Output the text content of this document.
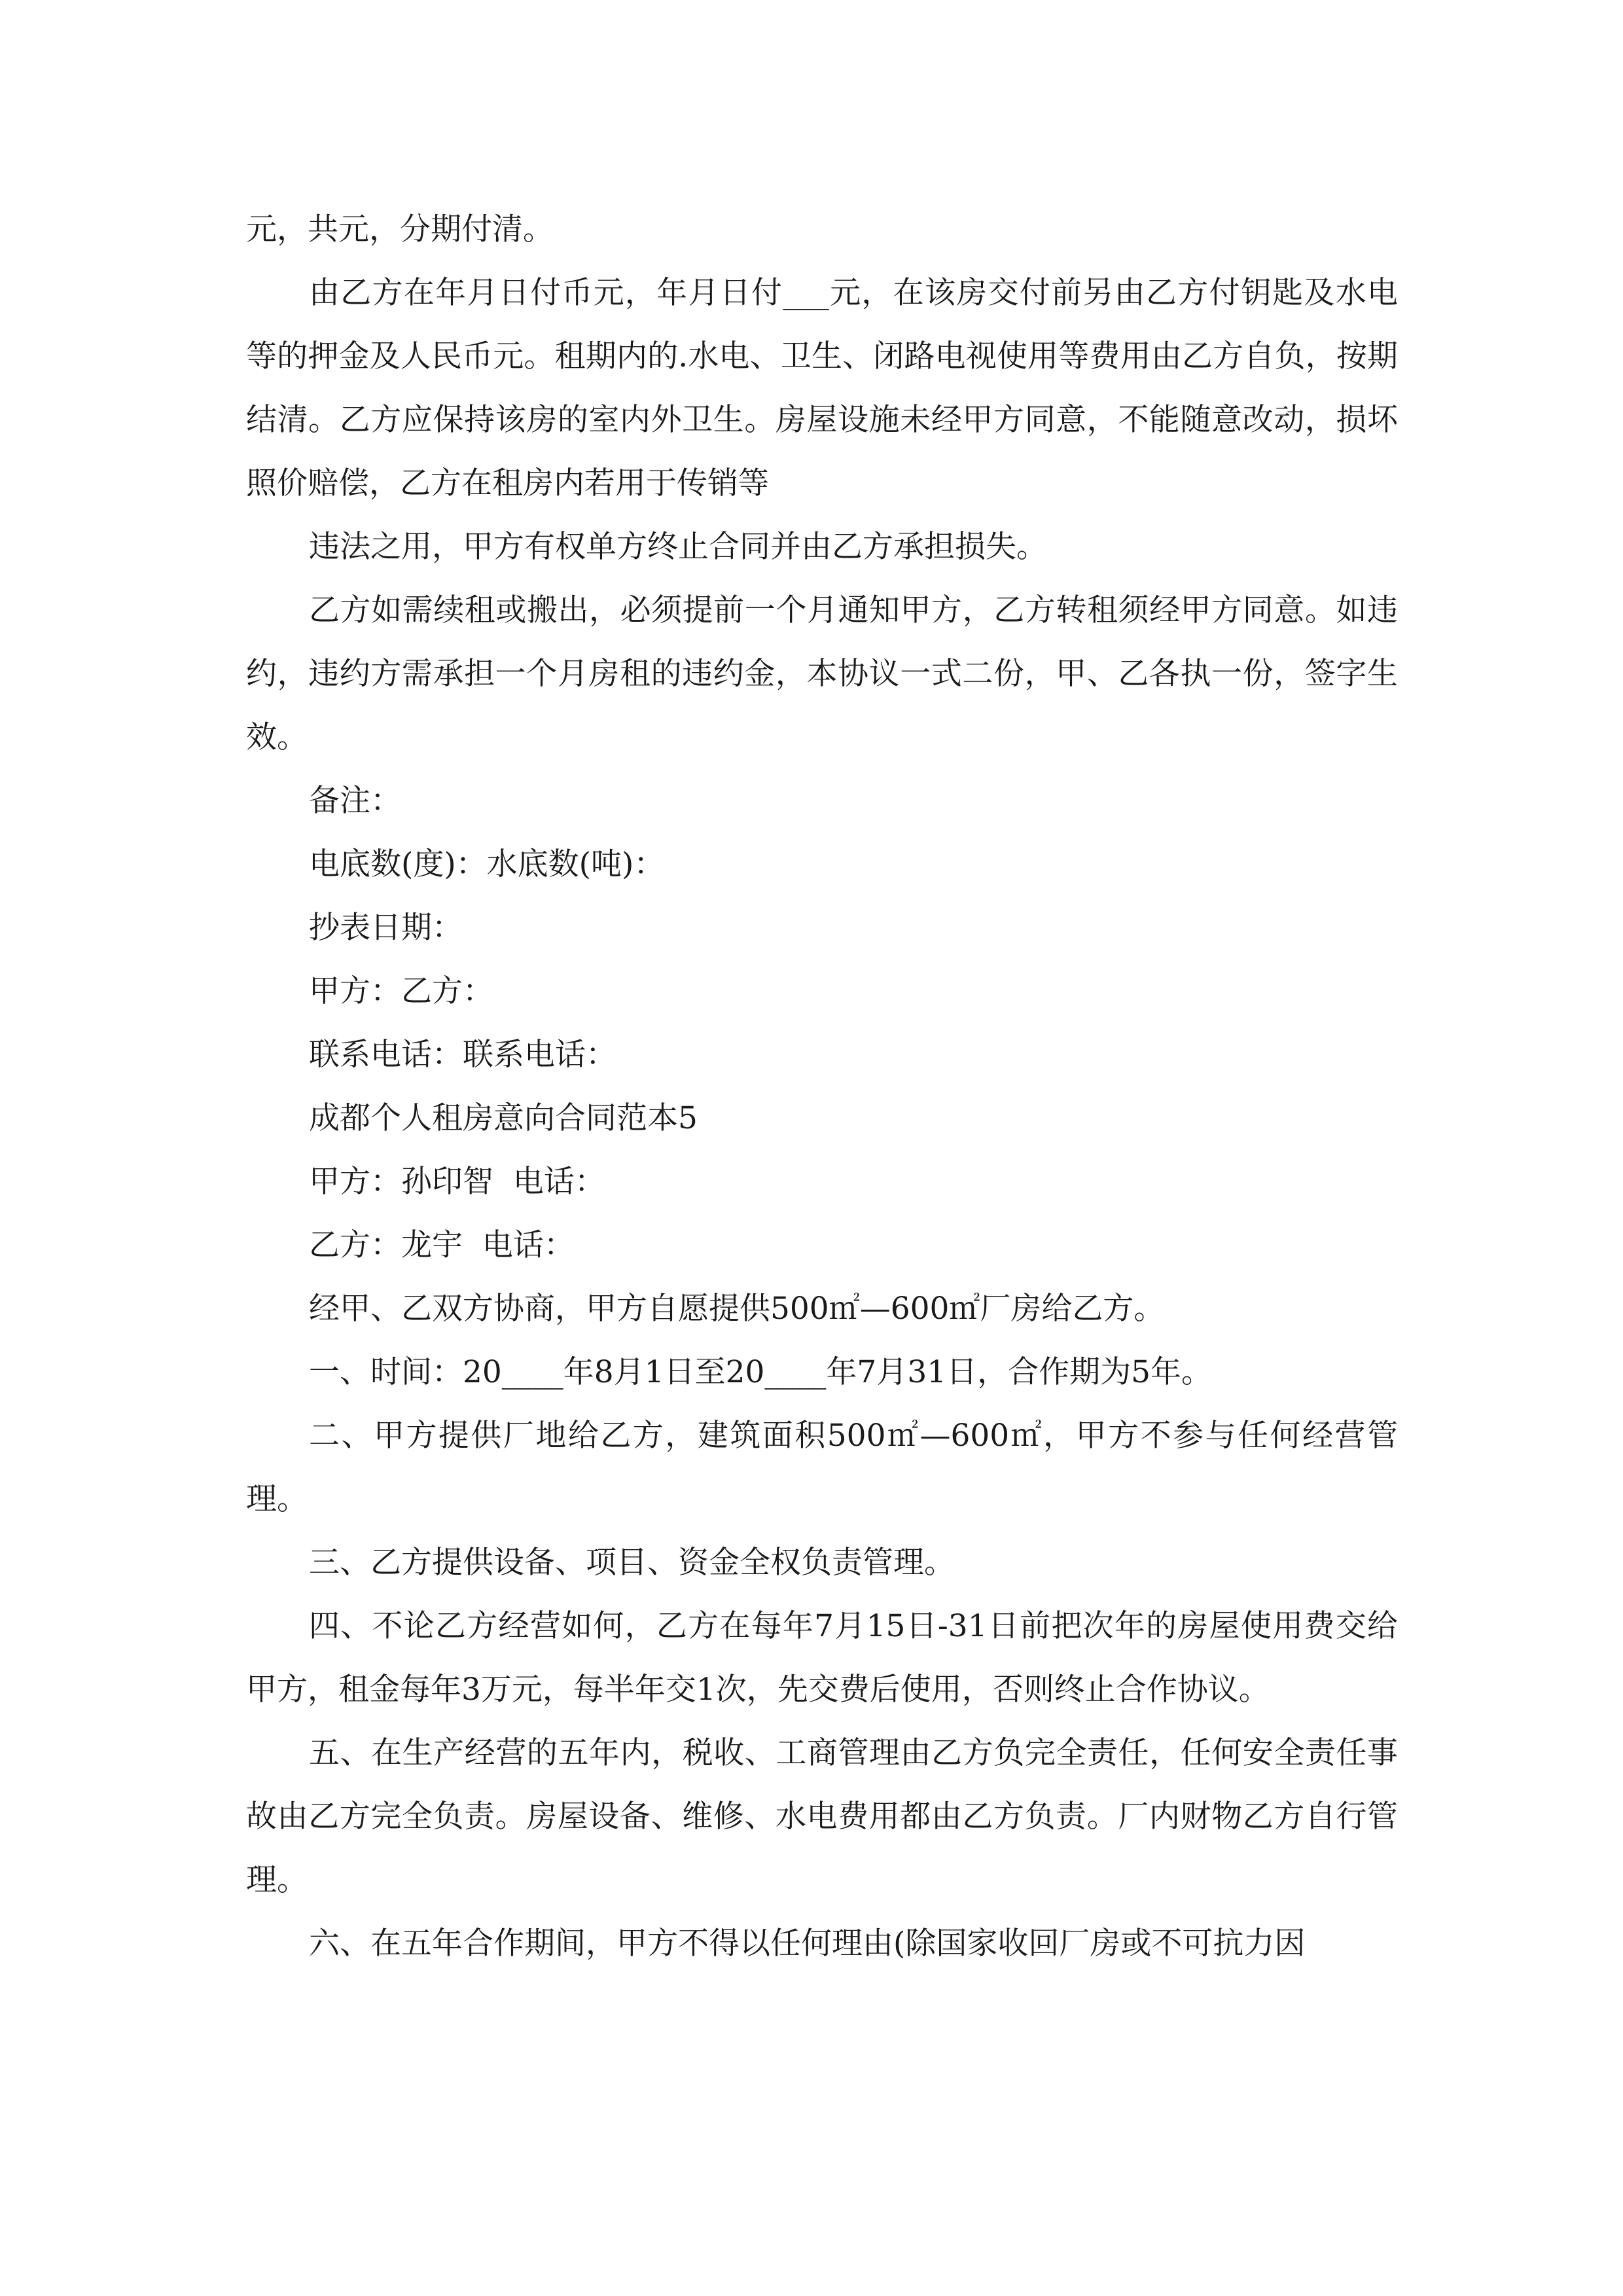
元，共元，分期付清。

由乙方在年月日付币元，年月日付___元，在该房交付前另由乙方付钥匙及水电等的押金及人民币元。租期内的.水电、卫生、闭路电视使用等费用由乙方自负，按期结清。乙方应保持该房的室内外卫生。房屋设施未经甲方同意，不能随意改动，损坏照价赔偿，乙方在租房内若用于传销等

违法之用，甲方有权单方终止合同并由乙方承担损失。

乙方如需续租或搬出，必须提前一个月通知甲方，乙方转租须经甲方同意。如违约，违约方需承担一个月房租的违约金，本协议一式二份，甲、乙各执一份，签字生效。

备注：

电底数(度)：水底数(吨)：

抄表日期：

甲方：乙方：

联系电话：联系电话：

成都个人租房意向合同范本5

甲方：孙印智  电话：

乙方：龙宇  电话：

经甲、乙双方协商，甲方自愿提供500㎡—600㎡厂房给乙方。

一、时间：20____年8月1日至20____年7月31日，合作期为5年。

二、甲方提供厂地给乙方，建筑面积500㎡—600㎡，甲方不参与任何经营管理。

三、乙方提供设备、项目、资金全权负责管理。

四、不论乙方经营如何，乙方在每年7月15日-31日前把次年的房屋使用费交给甲方，租金每年3万元，每半年交1次，先交费后使用，否则终止合作协议。

五、在生产经营的五年内，税收、工商管理由乙方负完全责任，任何安全责任事故由乙方完全负责。房屋设备、维修、水电费用都由乙方负责。厂内财物乙方自行管理。

六、在五年合作期间，甲方不得以任何理由(除国家收回厂房或不可抗力因
